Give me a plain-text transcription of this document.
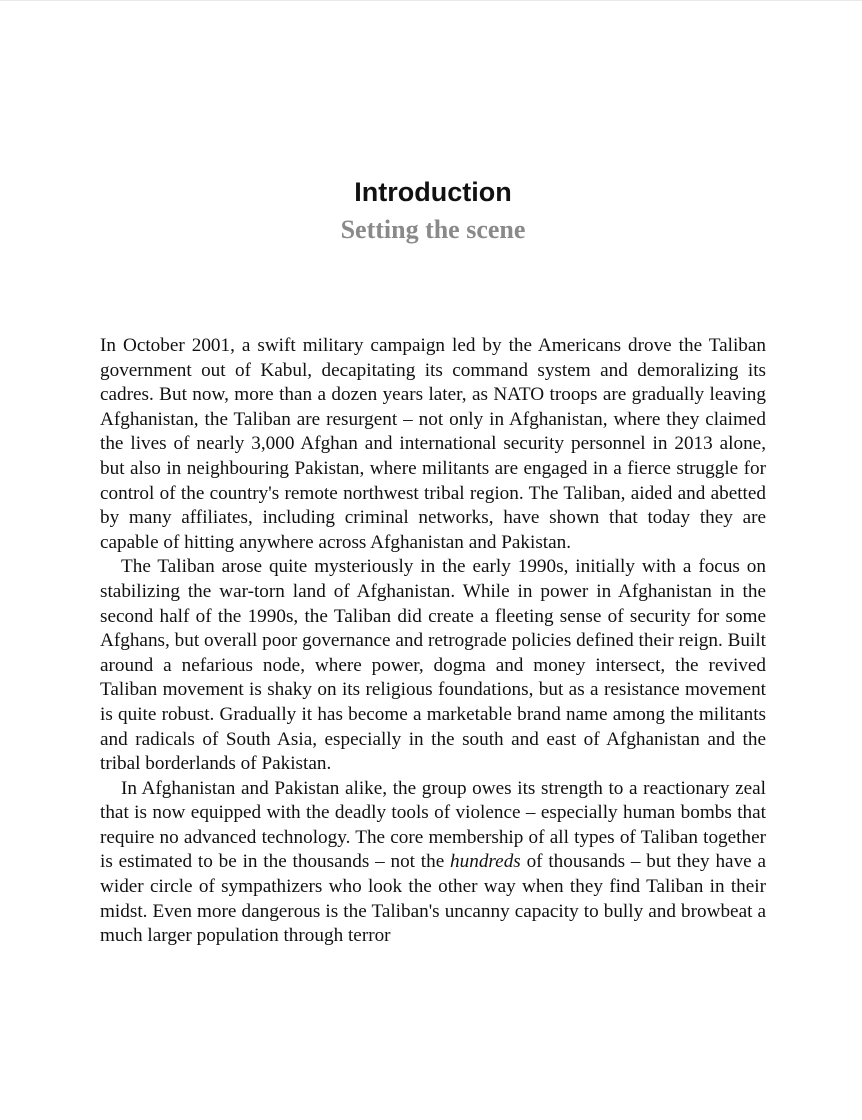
Introduction
Setting the scene

In October 2001, a swift military campaign led by the Americans drove the Taliban government out of Kabul, decapitating its command system and demoralizing its cadres. But now, more than a dozen years later, as NATO troops are gradually leaving Afghanistan, the Taliban are resurgent – not only in Afghanistan, where they claimed the lives of nearly 3,000 Afghan and international security personnel in 2013 alone, but also in neighbouring Pakistan, where militants are engaged in a fierce struggle for control of the country's remote northwest tribal region. The Taliban, aided and abetted by many affiliates, including criminal networks, have shown that today they are capable of hitting anywhere across Afghanistan and Pakistan.

The Taliban arose quite mysteriously in the early 1990s, initially with a focus on stabilizing the war-torn land of Afghanistan. While in power in Afghanistan in the second half of the 1990s, the Taliban did create a fleeting sense of security for some Afghans, but overall poor governance and retrograde policies defined their reign. Built around a nefarious node, where power, dogma and money intersect, the revived Taliban movement is shaky on its religious foundations, but as a resistance movement is quite robust. Gradually it has become a marketable brand name among the militants and radicals of South Asia, especially in the south and east of Afghanistan and the tribal borderlands of Pakistan.

In Afghanistan and Pakistan alike, the group owes its strength to a reactionary zeal that is now equipped with the deadly tools of violence – especially human bombs that require no advanced technology. The core membership of all types of Taliban together is estimated to be in the thousands – not the hundreds of thousands – but they have a wider circle of sympathizers who look the other way when they find Taliban in their midst. Even more dangerous is the Taliban's uncanny capacity to bully and browbeat a much larger population through terror
